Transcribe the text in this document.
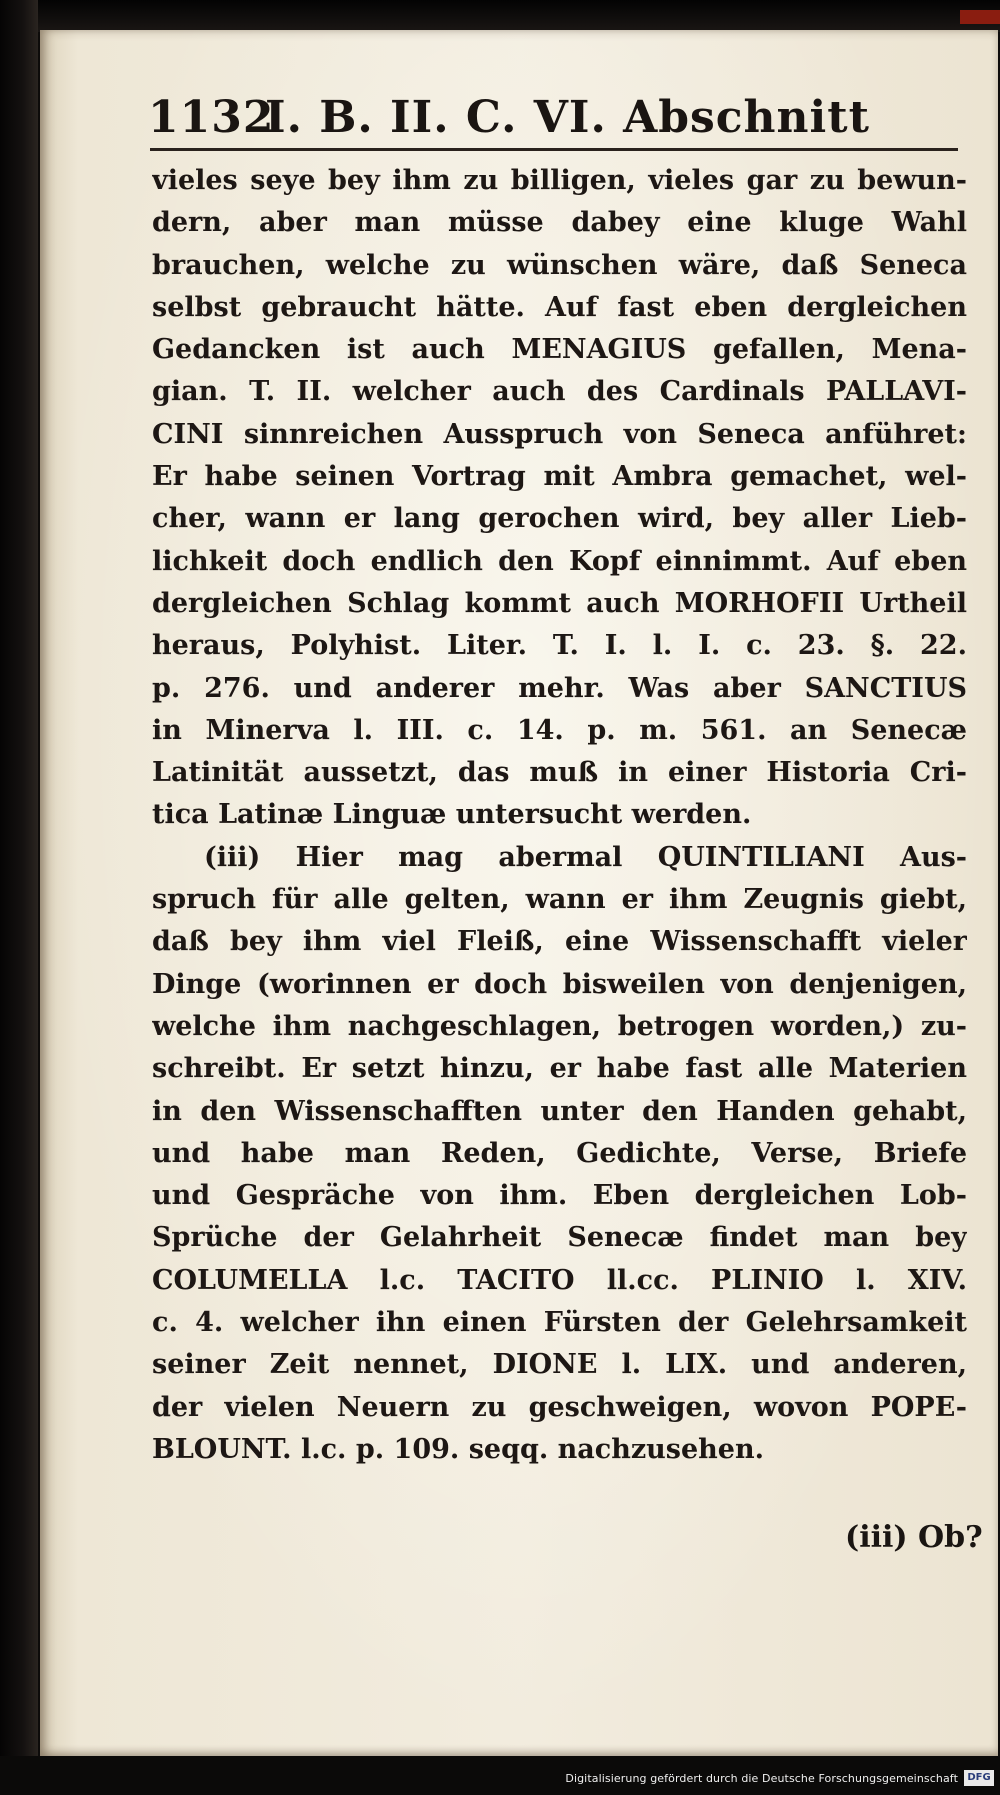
1132
I. B. II. C. VI. Abschnitt
vieles seye bey ihm zu billigen, vieles gar zu bewun-
dern, aber man müsse dabey eine kluge Wahl
brauchen, welche zu wünschen wäre, daß Seneca
selbst gebraucht hätte. Auf fast eben dergleichen
Gedancken ist auch MENAGIUS gefallen, Mena-
gian. T. II. welcher auch des Cardinals PALLAVI-
CINI sinnreichen Ausspruch von Seneca anführet:
Er habe seinen Vortrag mit Ambra gemachet, wel-
cher, wann er lang gerochen wird, bey aller Lieb-
lichkeit doch endlich den Kopf einnimmt. Auf eben
dergleichen Schlag kommt auch MORHOFII Urtheil
heraus, Polyhist. Liter. T. I. l. I. c. 23. §. 22.
p. 276. und anderer mehr. Was aber SANCTIUS
in Minerva l. III. c. 14. p. m. 561. an Senecæ
Latinität aussetzt, das muß in einer Historia Cri-
tica Latinæ Linguæ untersucht werden.
(iii) Hier mag abermal QUINTILIANI Aus-
spruch für alle gelten, wann er ihm Zeugnis giebt,
daß bey ihm viel Fleiß, eine Wissenschafft vieler
Dinge (worinnen er doch bisweilen von denjenigen,
welche ihm nachgeschlagen, betrogen worden,) zu-
schreibt. Er setzt hinzu, er habe fast alle Materien
in den Wissenschafften unter den Handen gehabt,
und habe man Reden, Gedichte, Verse, Briefe
und Gespräche von ihm. Eben dergleichen Lob-
Sprüche der Gelahrheit Senecæ findet man bey
COLUMELLA l.c. TACITO ll.cc. PLINIO l. XIV.
c. 4. welcher ihn einen Fürsten der Gelehrsamkeit
seiner Zeit nennet, DIONE l. LIX. und anderen,
der vielen Neuern zu geschweigen, wovon POPE-
BLOUNT. l.c. p. 109. seqq. nachzusehen.
(iii) Ob?
Digitalisierung gefördert durch die Deutsche Forschungsgemeinschaft DFG
